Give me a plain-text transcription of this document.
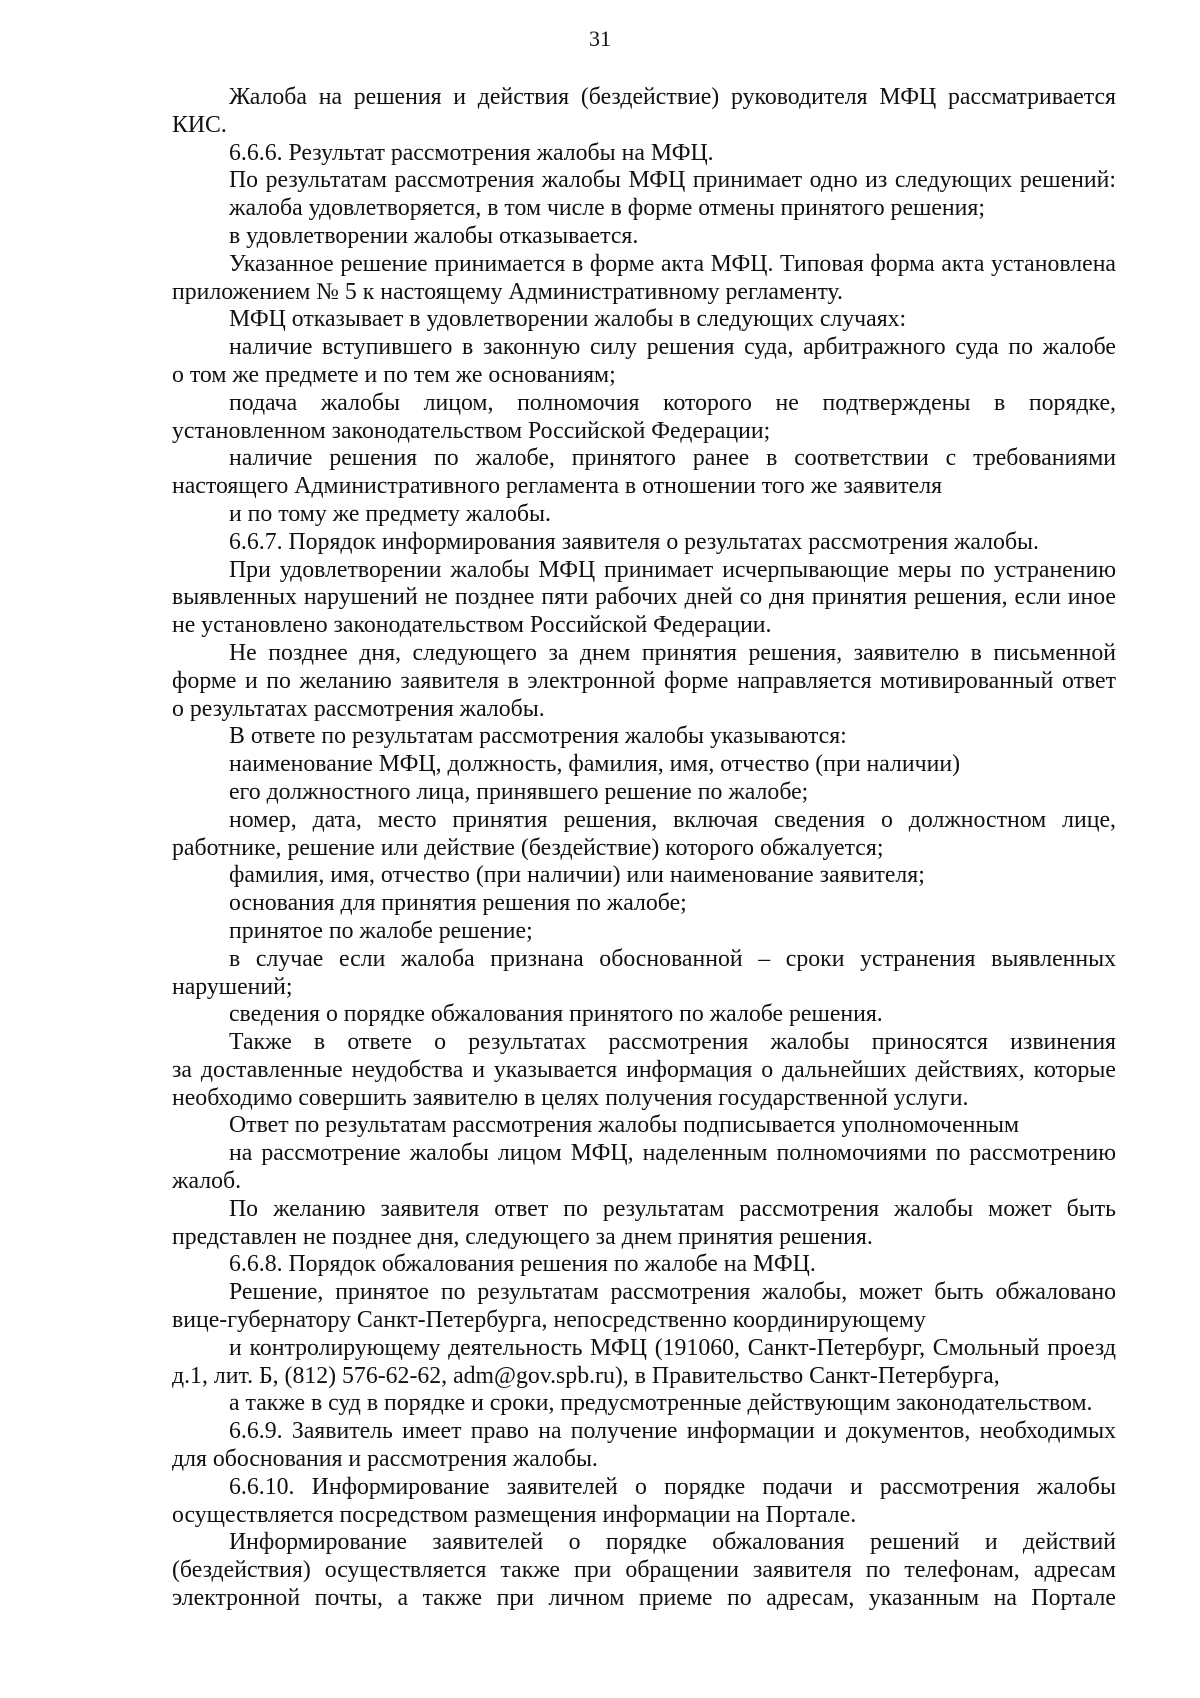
31
Жалоба на решения и действия (бездействие) руководителя МФЦ рассматривается
КИС.
6.6.6. Результат рассмотрения жалобы на МФЦ.
По результатам рассмотрения жалобы МФЦ принимает одно из следующих решений:
жалоба удовлетворяется, в том числе в форме отмены принятого решения;
в удовлетворении жалобы отказывается.
Указанное решение принимается в форме акта МФЦ. Типовая форма акта установлена
приложением № 5 к настоящему Административному регламенту.
МФЦ отказывает в удовлетворении жалобы в следующих случаях:
наличие вступившего в законную силу решения суда, арбитражного суда по жалобе
о том же предмете и по тем же основаниям;
подача жалобы лицом, полномочия которого не подтверждены в порядке,
установленном законодательством Российской Федерации;
наличие решения по жалобе, принятого ранее в соответствии с требованиями
настоящего Административного регламента в отношении того же заявителя
и по тому же предмету жалобы.
6.6.7. Порядок информирования заявителя о результатах рассмотрения жалобы.
При удовлетворении жалобы МФЦ принимает исчерпывающие меры по устранению
выявленных нарушений не позднее пяти рабочих дней со дня принятия решения, если иное
не установлено законодательством Российской Федерации.
Не позднее дня, следующего за днем принятия решения, заявителю в письменной
форме и по желанию заявителя в электронной форме направляется мотивированный ответ
о результатах рассмотрения жалобы.
В ответе по результатам рассмотрения жалобы указываются:
наименование МФЦ, должность, фамилия, имя, отчество (при наличии)
его должностного лица, принявшего решение по жалобе;
номер, дата, место принятия решения, включая сведения о должностном лице,
работнике, решение или действие (бездействие) которого обжалуется;
фамилия, имя, отчество (при наличии) или наименование заявителя;
основания для принятия решения по жалобе;
принятое по жалобе решение;
в случае если жалоба признана обоснованной – сроки устранения выявленных
нарушений;
сведения о порядке обжалования принятого по жалобе решения.
Также в ответе о результатах рассмотрения жалобы приносятся извинения
за доставленные неудобства и указывается информация о дальнейших действиях, которые
необходимо совершить заявителю в целях получения государственной услуги.
Ответ по результатам рассмотрения жалобы подписывается уполномоченным
на рассмотрение жалобы лицом МФЦ, наделенным полномочиями по рассмотрению
жалоб.
По желанию заявителя ответ по результатам рассмотрения жалобы может быть
представлен не позднее дня, следующего за днем принятия решения.
6.6.8. Порядок обжалования решения по жалобе на МФЦ.
Решение, принятое по результатам рассмотрения жалобы, может быть обжаловано
вице-губернатору Санкт-Петербурга, непосредственно координирующему
и контролирующему деятельность МФЦ (191060, Санкт-Петербург, Смольный проезд
д.1, лит. Б, (812) 576-62-62, adm@gov.spb.ru), в Правительство Санкт-Петербурга,
а также в суд в порядке и сроки, предусмотренные действующим законодательством.
6.6.9. Заявитель имеет право на получение информации и документов, необходимых
для обоснования и рассмотрения жалобы.
6.6.10. Информирование заявителей о порядке подачи и рассмотрения жалобы
осуществляется посредством размещения информации на Портале.
Информирование заявителей о порядке обжалования решений и действий
(бездействия) осуществляется также при обращении заявителя по телефонам, адресам
электронной почты, а также при личном приеме по адресам, указанным на Портале
